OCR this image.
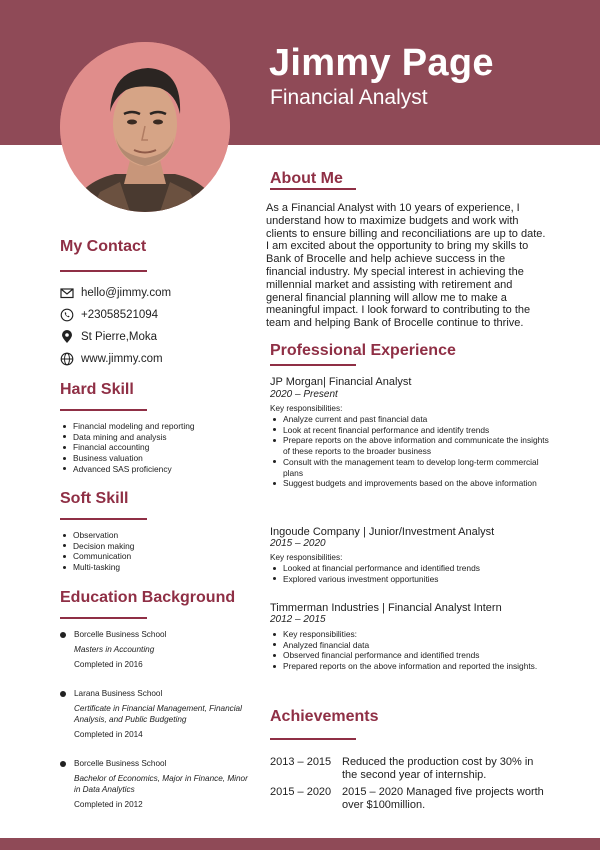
Jimmy Page
Financial Analyst
My Contact
hello@jimmy.com
+23058521094
St Pierre,Moka
www.jimmy.com
Hard Skill
Financial modeling and reporting
Data mining and analysis
Financial accounting
Business valuation
Advanced SAS proficiency
Soft Skill
Observation
Decision making
Communication
Multi-tasking
Education Background
Borcelle Business School
Masters in Accounting
Completed in 2016
Larana Business School
Certificate in Financial Management, Financial Analysis, and Public Budgeting
Completed in 2014
Borcelle Business School
Bachelor of Economics, Major in Finance, Minor in Data Analytics
Completed in 2012
About Me
As a Financial Analyst with 10 years of experience, I understand how to maximize budgets and work with clients to ensure billing and reconciliations are up to date. I am excited about the opportunity to bring my skills to Bank of Brocelle and help achieve success in the financial industry. My special interest in achieving the millennial market and assisting with retirement and general financial planning will allow me to make a meaningful impact. I look forward to contributing to the team and helping Bank of Brocelle continue to thrive.
Professional Experience
JP Morgan| Financial Analyst
2020 – Present
Key responsibilities:
Analyze current and past financial data
Look at recent financial performance and identify trends
Prepare reports on the above information and communicate the insights of these reports to the broader business
Consult with the management team to develop long-term commercial plans
Suggest budgets and improvements based on the above information
Ingoude Company | Junior/Investment Analyst
2015 – 2020
Key responsibilities:
Looked at financial performance and identified trends
Explored various investment opportunities
Timmerman Industries | Financial Analyst Intern
2012 – 2015
Key responsibilities:
Analyzed financial data
Observed financial performance and identified trends
Prepared reports on the above information and reported the insights.
Achievements
2013 – 2015 Reduced the production cost by 30% in the second year of internship.
2015 – 2020 2015 – 2020 Managed five projects worth over $100million.
